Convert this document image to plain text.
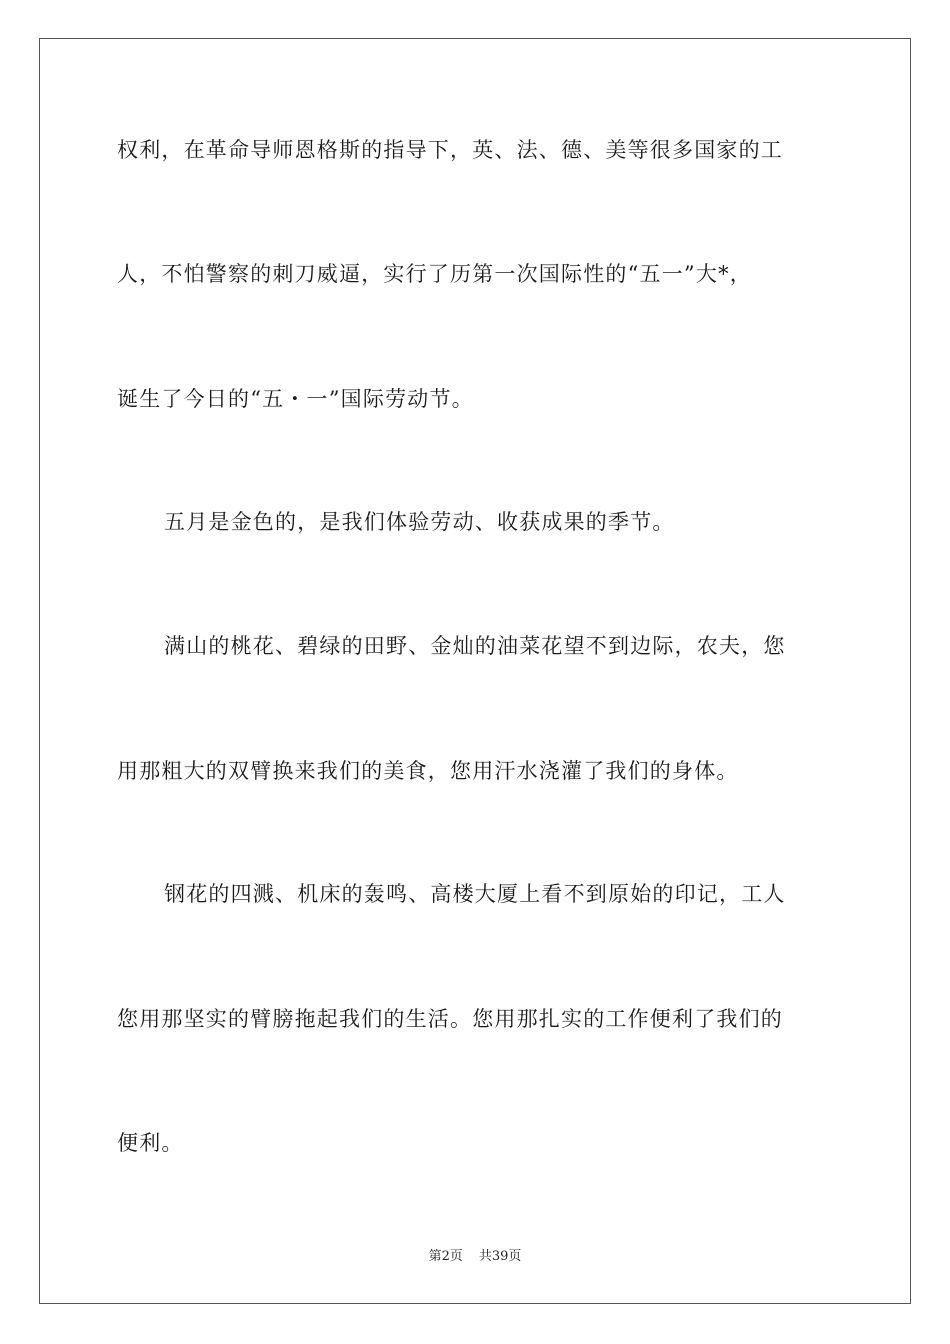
权利，在革命导师恩格斯的指导下，英、法、德、美等很多国家的工
人，不怕警察的刺刀威逼，实行了历第一次国际性的“五一”大*，
诞生了今日的“五・一”国际劳动节。
五月是金色的，是我们体验劳动、收获成果的季节。
满山的桃花、碧绿的田野、金灿的油菜花望不到边际，农夫，您
用那粗大的双臂换来我们的美食，您用汗水浇灌了我们的身体。
钢花的四溅、机床的轰鸣、高楼大厦上看不到原始的印记，工人
您用那坚实的臂膀拖起我们的生活。您用那扎实的工作便利了我们的
便利。
第2页 共39页
